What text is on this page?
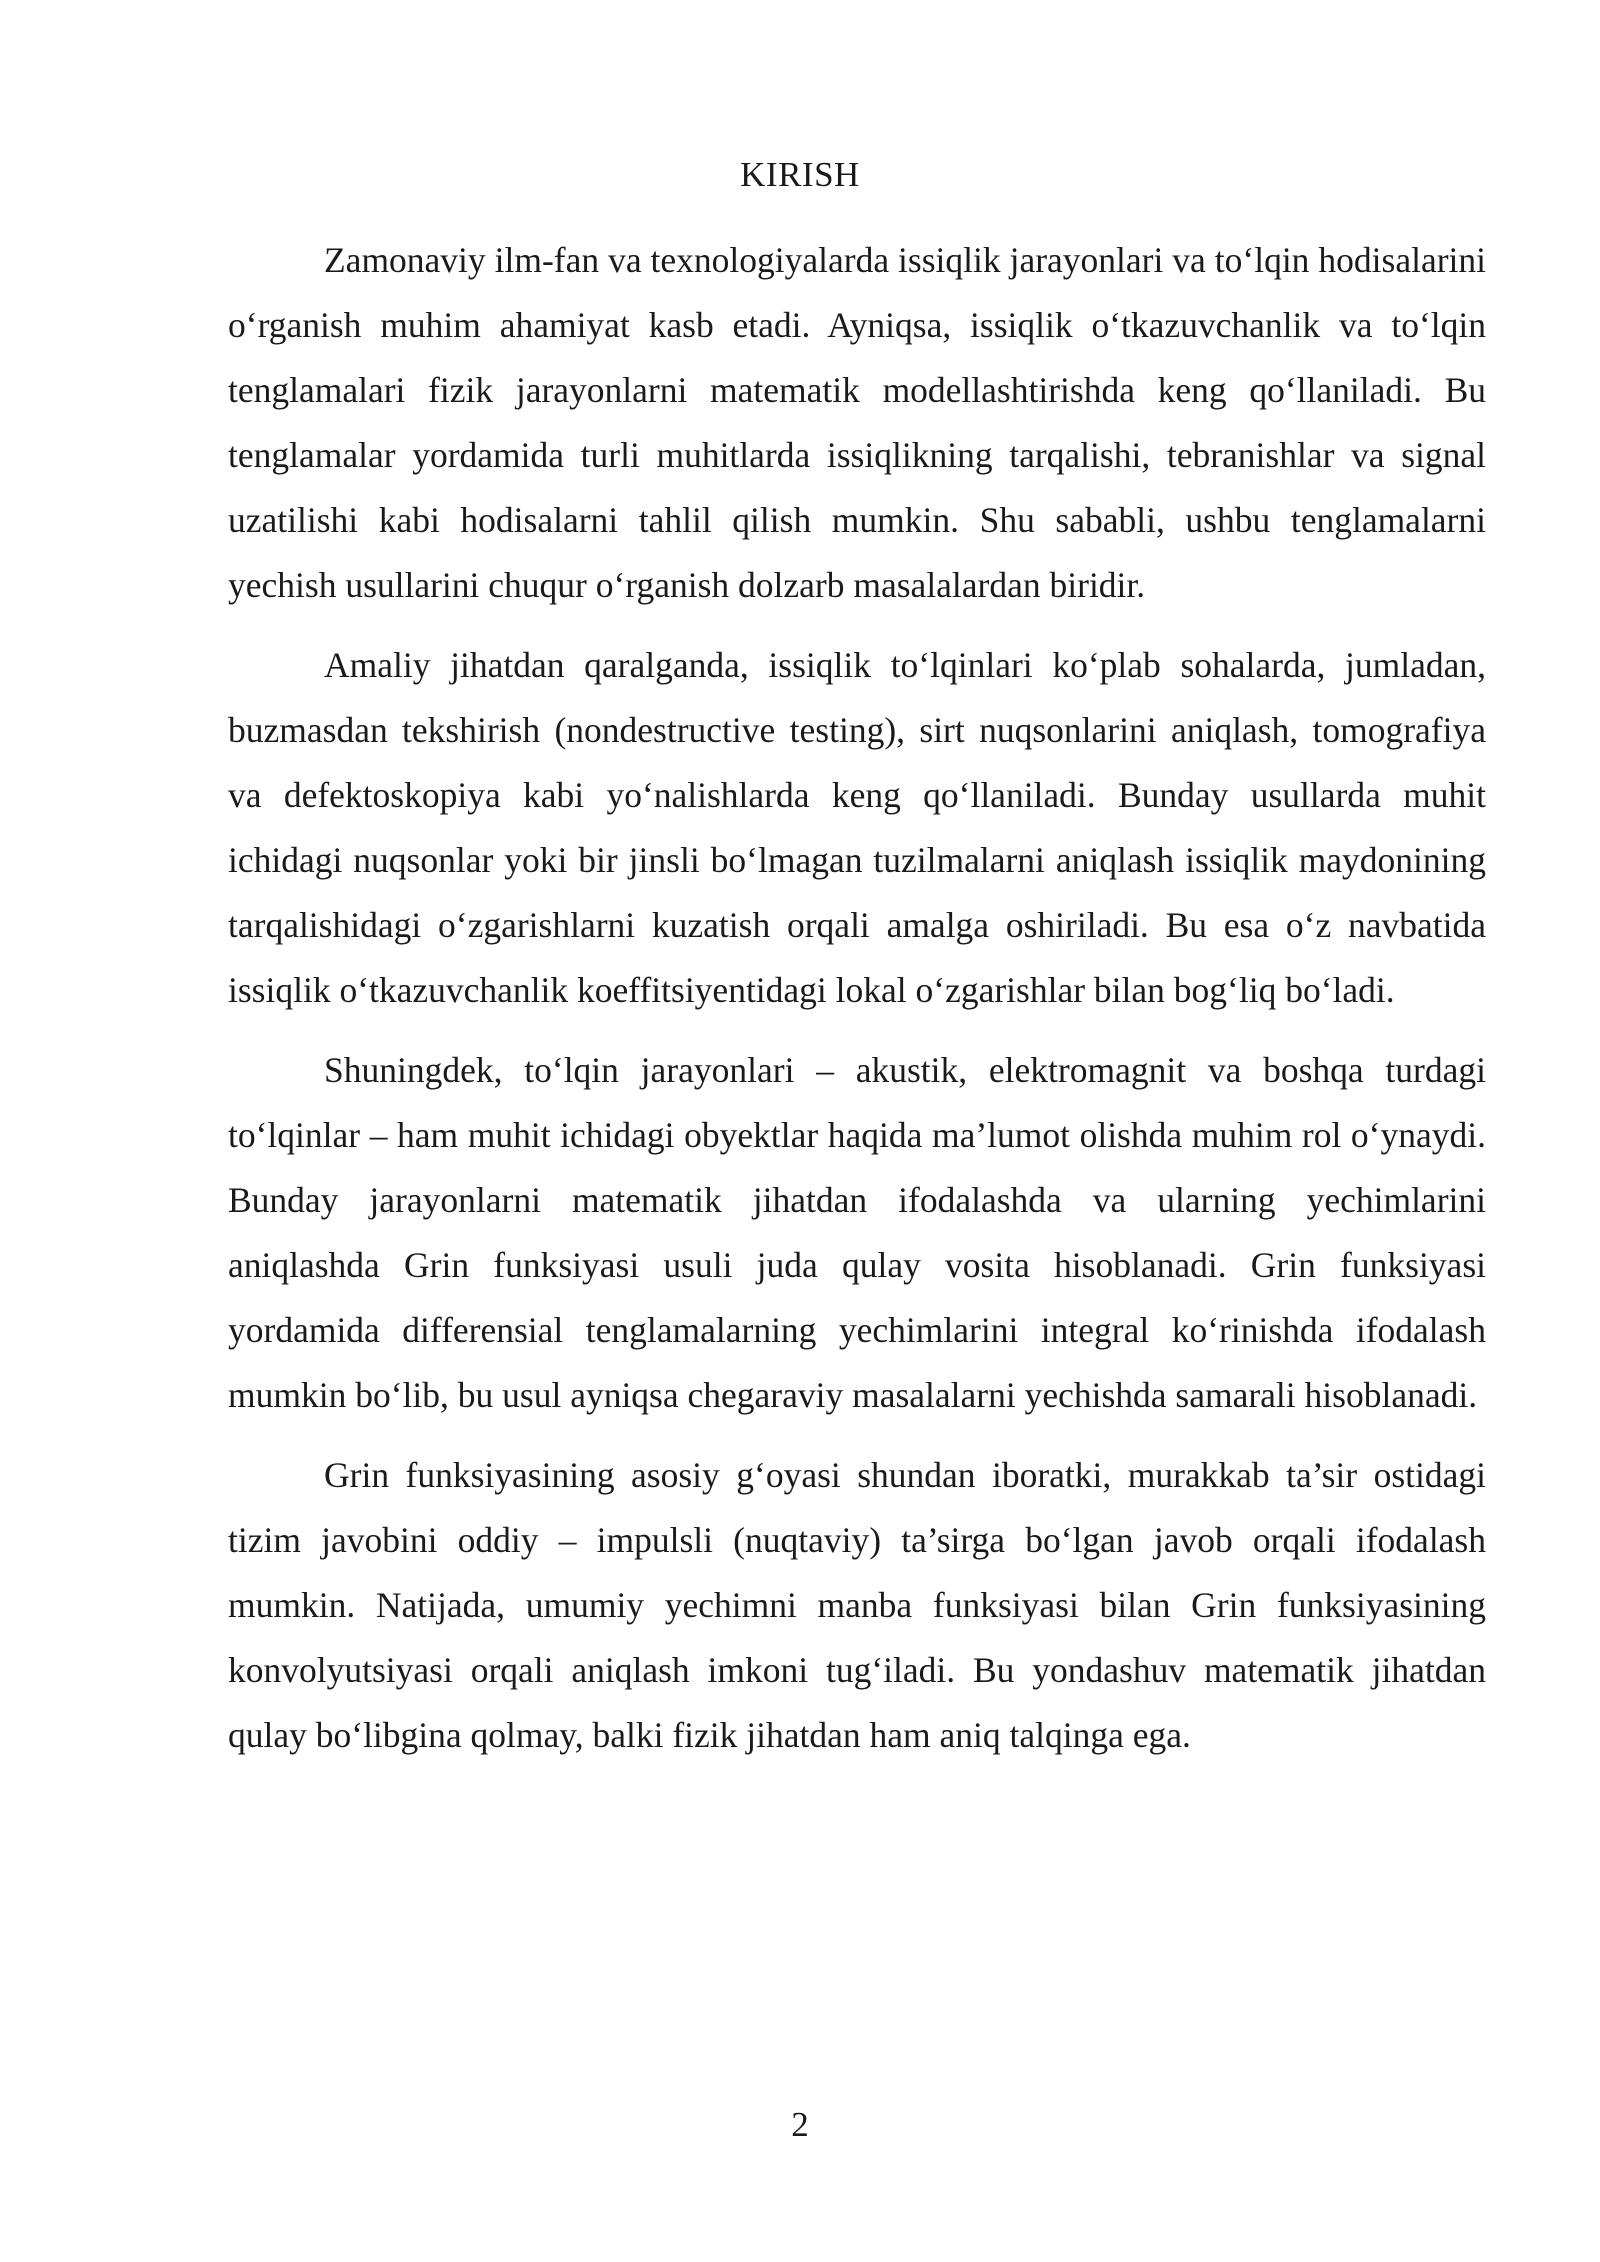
KIRISH

Zamonaviy ilm-fan va texnologiyalarda issiqlik jarayonlari va to‘lqin hodisalarini o‘rganish muhim ahamiyat kasb etadi. Ayniqsa, issiqlik o‘tkazuvchanlik va to‘lqin tenglamalari fizik jarayonlarni matematik modellashtirishda keng qo‘llaniladi. Bu tenglamalar yordamida turli muhitlarda issiqlikning tarqalishi, tebranishlar va signal uzatilishi kabi hodisalarni tahlil qilish mumkin. Shu sababli, ushbu tenglamalarni yechish usullarini chuqur o‘rganish dolzarb masalalardan biridir.

Amaliy jihatdan qaralganda, issiqlik to‘lqinlari ko‘plab sohalarda, jumladan, buzmasdan tekshirish (nondestructive testing), sirt nuqsonlarini aniqlash, tomografiya va defektoskopiya kabi yo‘nalishlarda keng qo‘llaniladi. Bunday usullarda muhit ichidagi nuqsonlar yoki bir jinsli bo‘lmagan tuzilmalarni aniqlash issiqlik maydonining tarqalishidagi o‘zgarishlarni kuzatish orqali amalga oshiriladi. Bu esa o‘z navbatida issiqlik o‘tkazuvchanlik koeffitsiyentidagi lokal o‘zgarishlar bilan bog‘liq bo‘ladi.

Shuningdek, to‘lqin jarayonlari – akustik, elektromagnit va boshqa turdagi to‘lqinlar – ham muhit ichidagi obyektlar haqida ma’lumot olishda muhim rol o‘ynaydi. Bunday jarayonlarni matematik jihatdan ifodalashda va ularning yechimlarini aniqlashda Grin funksiyasi usuli juda qulay vosita hisoblanadi. Grin funksiyasi yordamida differensial tenglamalarning yechimlarini integral ko‘rinishda ifodalash mumkin bo‘lib, bu usul ayniqsa chegaraviy masalalarni yechishda samarali hisoblanadi.

Grin funksiyasining asosiy g‘oyasi shundan iboratki, murakkab ta’sir ostidagi tizim javobini oddiy – impulsli (nuqtaviy) ta’sirga bo‘lgan javob orqali ifodalash mumkin. Natijada, umumiy yechimni manba funksiyasi bilan Grin funksiyasining konvolyutsiyasi orqali aniqlash imkoni tug‘iladi. Bu yondashuv matematik jihatdan qulay bo‘libgina qolmay, balki fizik jihatdan ham aniq talqinga ega.

2
